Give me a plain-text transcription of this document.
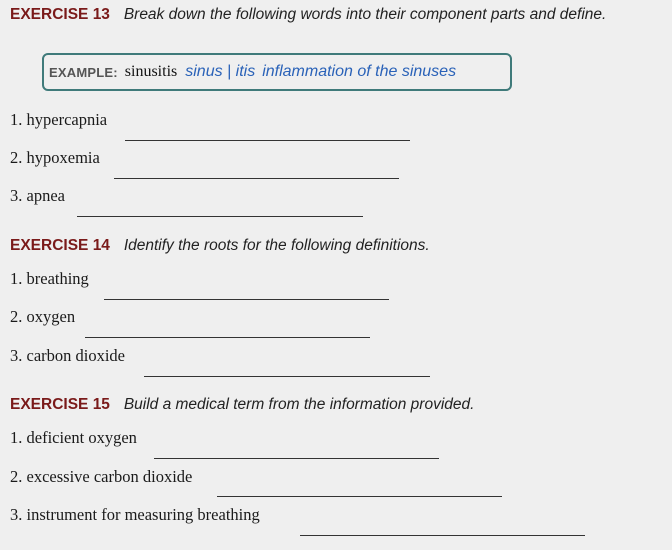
EXERCISE 13 Break down the following words into their component parts and define.
EXAMPLE: sinusitis sinus | itis inflammation of the sinuses
1. hypercapnia
2. hypoxemia
3. apnea
EXERCISE 14 Identify the roots for the following definitions.
1. breathing
2. oxygen
3. carbon dioxide
EXERCISE 15 Build a medical term from the information provided.
1. deficient oxygen
2. excessive carbon dioxide
3. instrument for measuring breathing
